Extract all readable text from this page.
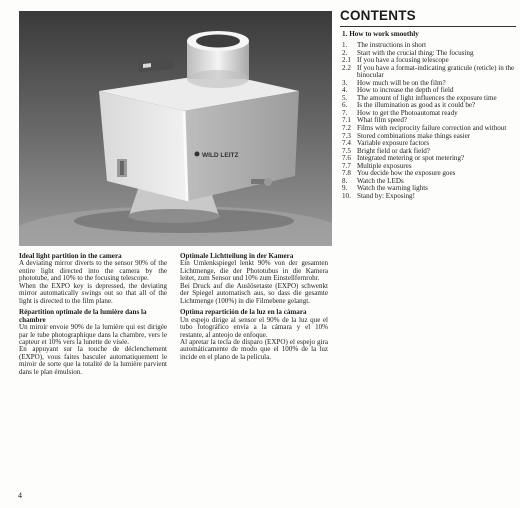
WILD LEITZ
CONTENTS
1. How to work smoothly
1.	The instructions in short
2.	Start with the crucial thing: The focusing
2.1 If you have a focusing telescope
2.2 If you have a format-indicating graticule (reticle) in the binocular
3.	How much will be on the film?
4.	How to increase the depth of field
5.	The amount of light influences the exposure time
6.	Is the illumination as good as it could be?
7.	How to get the Photoautomat ready
7.1 What film speed?
7.2 Films with reciprocity failure correction and without
7.3 Stored combinations make things easier
7.4 Variable exposure factors
7.5 Bright field or dark field?
7.6 Integrated metering or spot metering?
7.7 Multiple exposures
7.8 You decide how the exposure goes
8.	Watch the LEDs
9.	Watch the warning lights
10. Stand by: Exposing!
Ideal light partition in the camera

A deviating mirror diverts to the sensor 90% of the entire light directed into the camera by the phototube, and 10% to the focusing telescope.

When the EXPO key is depressed, the deviating mirror automatically swings out so that all of the light is directed to the film plane.

Répartition optimale de la lumière dans la chambre

Un miroir envoie 90% de la lumière qui est dirigée par le tube photographique dans la chambre, vers le capteur et 10% vers la lunette de visée.

En appuyant sur la touche de déclenchement (EXPO), vous faites basculer automatiquement le miroir de sorte que la totalité de la lumière parvient dans le plan émulsion.

Optimale Lichtteilung in der Kamera

Ein Umlenkspiegel lenkt 90% von der gesamten Lichtmenge, die der Phototubus in die Kamera leitet, zum Sensor und 10% zum Einstellfernrohr.

Bei Druck auf die Auslösetaste (EXPO) schwenkt der Spiegel automatisch aus, so dass die gesamte Lichtmenge (100%) in die Filmebene gelangt.

Optima repartición de la luz en la cámara

Un espejo dirige al sensor el 90% de la luz que el tubo fotográfico envía a la cámara y el 10% restante, al anteojo de enfoque.

Al apretar la tecla de disparo (EXPO) el espejo gira automáticamente de modo que el 100% de la luz incide en el plano de la película.

4
